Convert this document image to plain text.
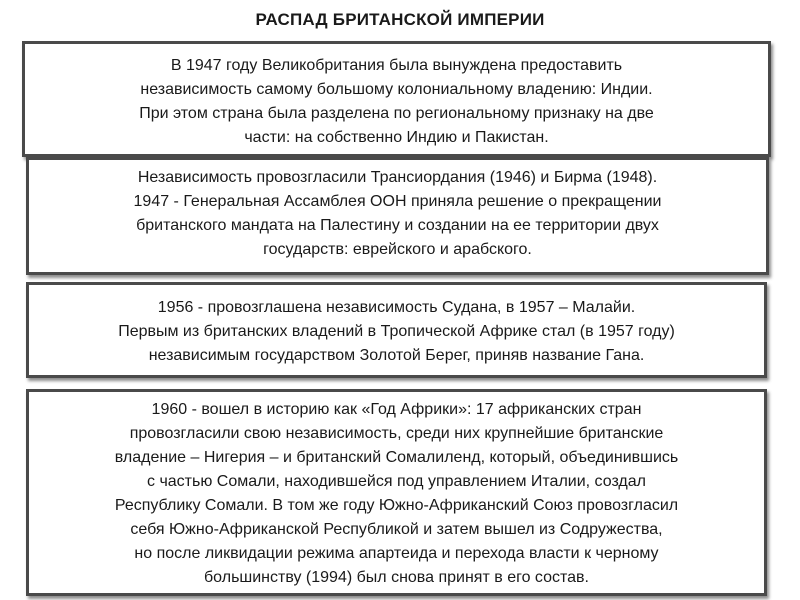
РАСПАД БРИТАНСКОЙ ИМПЕРИИ
В 1947 году Великобритания была вынуждена предоставить
независимость самому большому колониальному владению: Индии.
При этом страна была разделена по региональному признаку на две
части: на собственно Индию и Пакистан.
Независимость провозгласили Трансиордания (1946) и Бирма (1948).
1947 - Генеральная Ассамблея ООН приняла решение о прекращении
британского мандата на Палестину и создании на ее территории двух
государств: еврейского и арабского.
1956 - провозглашена независимость Судана, в 1957 – Малайи.
Первым из британских владений в Тропической Африке стал (в 1957 году)
независимым государством Золотой Берег, приняв название Гана.
1960 - вошел в историю как «Год Африки»: 17 африканских стран
провозгласили свою независимость, среди них крупнейшие британские
владение – Нигерия – и британский Сомалиленд, который, объединившись
с частью Сомали, находившейся под управлением Италии, создал
Республику Сомали. В том же году Южно-Африканский Союз провозгласил
себя Южно-Африканской Республикой и затем вышел из Содружества,
но после ликвидации режима апартеида и перехода власти к черному
большинству (1994) был снова принят в его состав.
